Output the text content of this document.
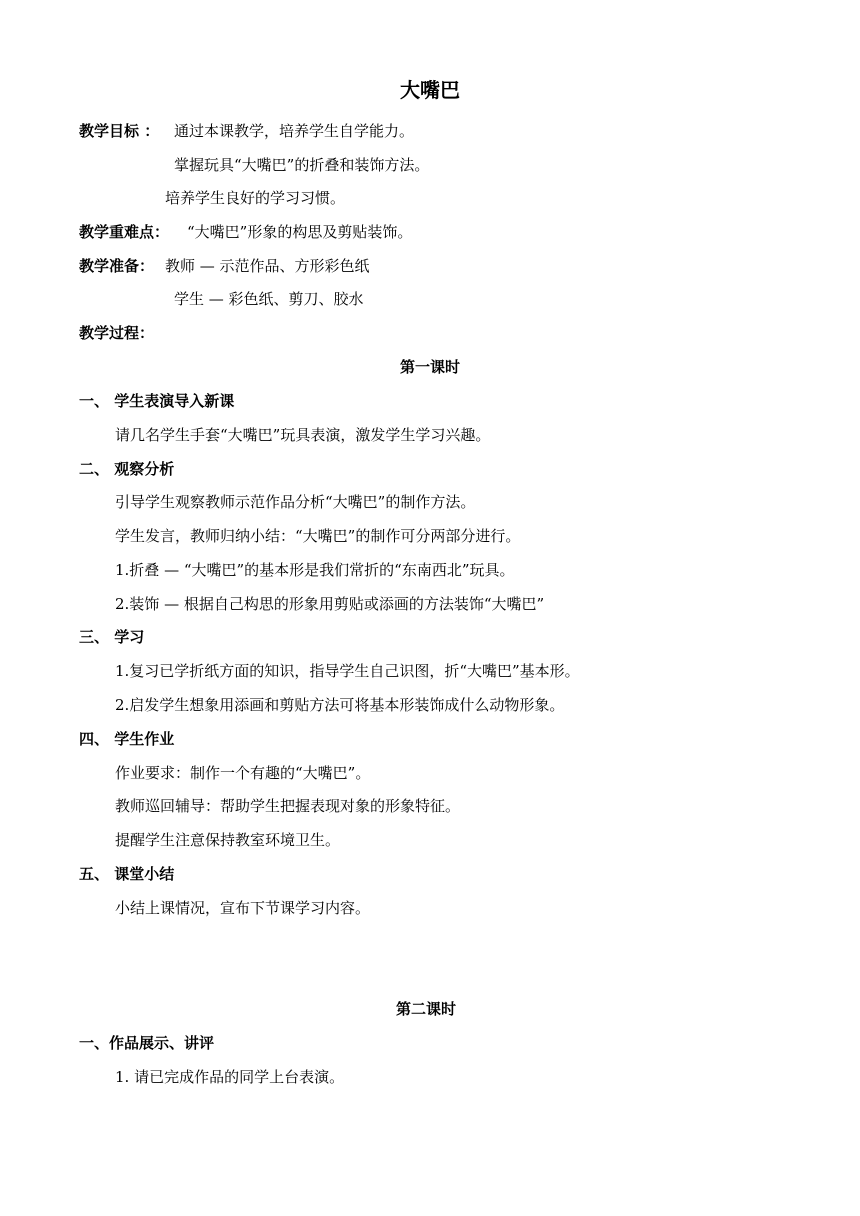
大嘴巴
教学目标 ： 通过本课教学，培养学生自学能力。
掌握玩具“大嘴巴”的折叠和装饰方法。
培养学生良好的学习习惯。
教学重难点： “大嘴巴”形象的构思及剪贴装饰。
教学准备： 教师 — 示范作品、方形彩色纸
学生 — 彩色纸、剪刀、胶水
教学过程：
第一课时
一、 学生表演导入新课
请几名学生手套“大嘴巴”玩具表演，激发学生学习兴趣。
二、 观察分析
引导学生观察教师示范作品分析“大嘴巴”的制作方法。
学生发言，教师归纳小结：“大嘴巴”的制作可分两部分进行。
1.折叠 — “大嘴巴”的基本形是我们常折的“东南西北”玩具。
2.装饰 — 根据自己构思的形象用剪贴或添画的方法装饰“大嘴巴”
三、 学习
1.复习已学折纸方面的知识，指导学生自己识图，折“大嘴巴”基本形。
2.启发学生想象用添画和剪贴方法可将基本形装饰成什么动物形象。
四、 学生作业
作业要求：制作一个有趣的“大嘴巴”。
教师巡回辅导：帮助学生把握表现对象的形象特征。
提醒学生注意保持教室环境卫生。
五、 课堂小结
小结上课情况，宣布下节课学习内容。
第二课时
一、作品展示、讲评
1. 请已完成作品的同学上台表演。
